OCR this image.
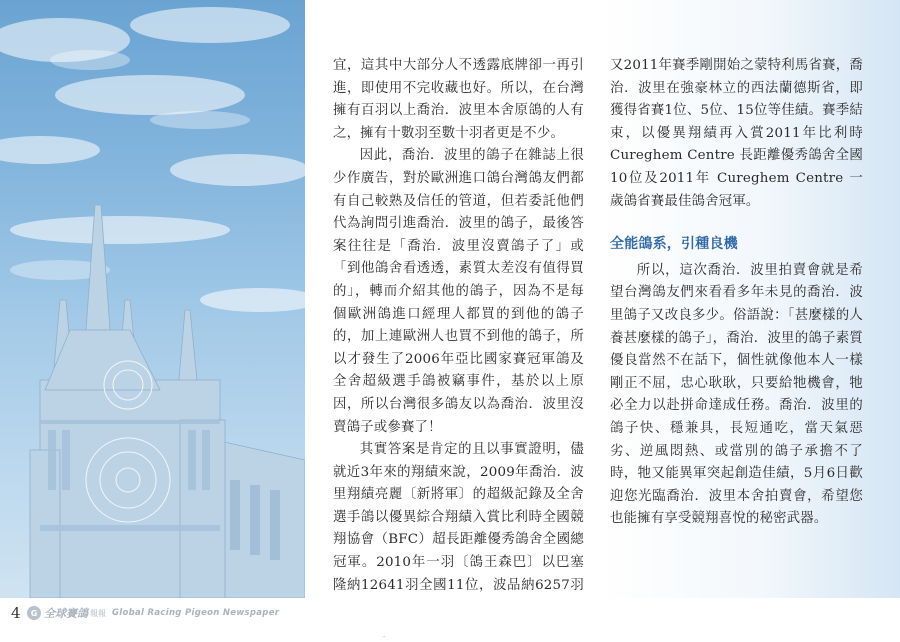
宜，這其中大部分人不透露底牌卻一再引進，即使用不完收藏也好。所以，在台灣擁有百羽以上喬治．波里本舍原鴿的人有之，擁有十數羽至數十羽者更是不少。

因此，喬治．波里的鴿子在雜誌上很少作廣告，對於歐洲進口鴿台灣鴿友們都有自己較熟及信任的管道，但若委託他們代為詢問引進喬治．波里的鴿子，最後答案往往是「喬治．波里沒賣鴿子了」或「到他鴿舍看透透，素質太差沒有值得買的」，轉而介紹其他的鴿子，因為不是每個歐洲鴿進口經理人都買的到他的鴿子的，加上連歐洲人也買不到他的鴿子，所以才發生了2006年亞比國家賽冠軍鴿及全舍超級選手鴿被竊事件，基於以上原因，所以台灣很多鴿友以為喬治．波里沒賣鴿子或參賽了！

其實答案是肯定的且以事實證明，儘就近3年來的翔績來說，2009年喬治．波里翔績亮麗〔新將軍〕的超級記錄及全舍選手鴿以優異綜合翔績入賞比利時全國競翔協會（BFC）超長距離優秀鴿舍全國總冠軍。2010年一羽〔鴿王森巴〕以巴塞隆納12641羽全國11位，波品納6257羽

又2011年賽季剛開始之蒙特利馬省賽，喬治．波里在強豪林立的西法蘭德斯省，即獲得省賽1位、5位、15位等佳績。賽季結束，以優異翔績再入賞2011年比利時 Cureghem Centre 長距離優秀鴿舍全國10位及2011年 Cureghem Centre 一歲鴿省賽最佳鴿舍冠軍。

全能鴿系，引種良機

所以，這次喬治．波里拍賣會就是希望台灣鴿友們來看看多年未見的喬治．波里鴿子又改良多少。俗語說：「甚麼樣的人養甚麼樣的鴿子」，喬治．波里的鴿子素質優良當然不在話下，個性就像他本人一樣剛正不屈，忠心耿耿，只要給牠機會，牠必全力以赴拼命達成任務。喬治．波里的鴿子快、穩兼具，長短通吃，當天氣惡劣、逆風悶熱、或當別的鴿子承擔不了時，牠又能異軍突起創造佳績，5月6日歡迎您光臨喬治．波里本舍拍賣會，希望您也能擁有享受競翔喜悅的秘密武器。

4	G 全球賽鴿 報報 Global Racing Pigeon Newspaper
